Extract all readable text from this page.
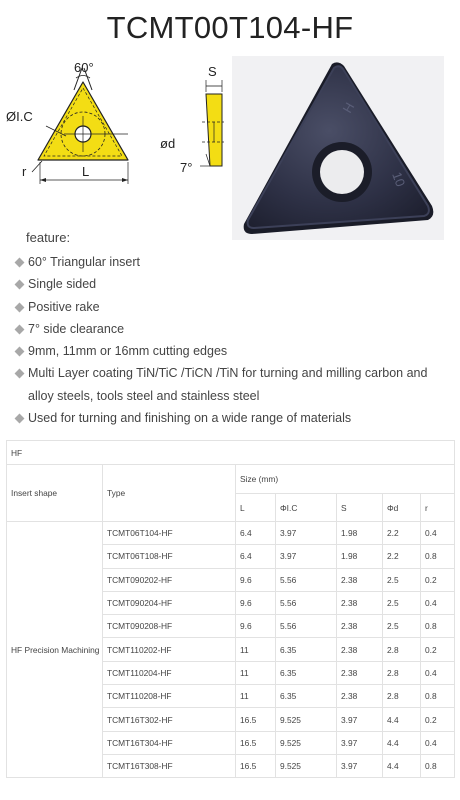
TCMT00T104-HF
60°
ØI.C
r	L
S
ød
7°
H
10
feature:
60° Triangular insert
Single sided
Positive rake
7° side clearance
9mm, 11mm or 16mm cutting edges
Multi Layer coating TiN/TiC /TiCN /TiN for turning and milling carbon and alloy steels, tools steel and stainless steel
Used for turning and finishing on a wide range of materials
HF						
Insert shape	Type	Size (mm)				
		L	ΦI.C	S	Φd	r
HF Precision Machining	TCMT06T104-HF	6.4	3.97	1.98	2.2	0.4
	TCMT06T108-HF	6.4	3.97	1.98	2.2	0.8
	TCMT090202-HF	9.6	5.56	2.38	2.5	0.2
	TCMT090204-HF	9.6	5.56	2.38	2.5	0.4
	TCMT090208-HF	9.6	5.56	2.38	2.5	0.8
	TCMT110202-HF	11	6.35	2.38	2.8	0.2
	TCMT110204-HF	11	6.35	2.38	2.8	0.4
	TCMT110208-HF	11	6.35	2.38	2.8	0.8
	TCMT16T302-HF	16.5	9.525	3.97	4.4	0.2
	TCMT16T304-HF	16.5	9.525	3.97	4.4	0.4
	TCMT16T308-HF	16.5	9.525	3.97	4.4	0.8
